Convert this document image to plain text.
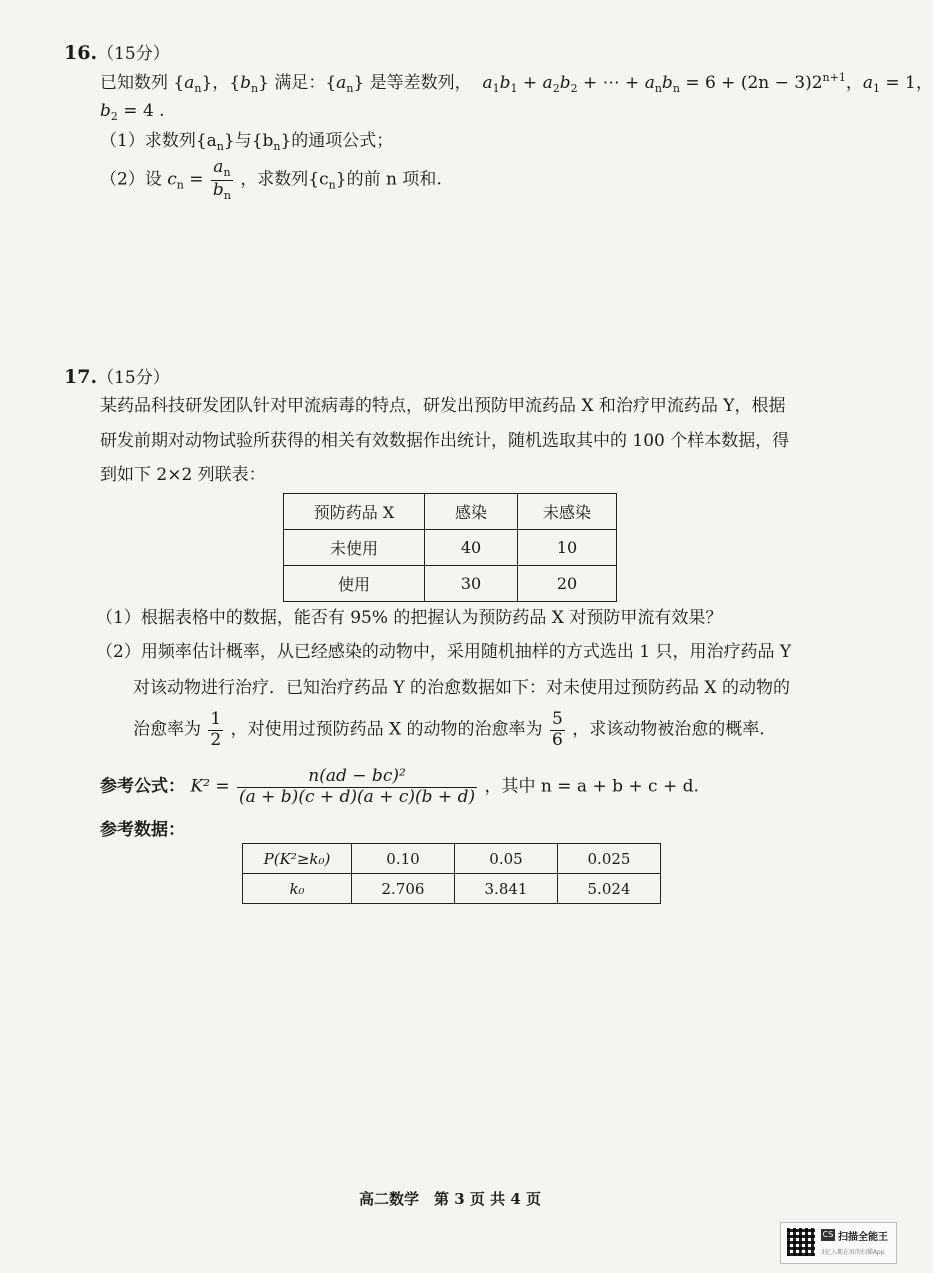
16.（15分）
已知数列 $\{a_n\}$，$\{b_n\}$ 满足：$\{a_n\}$ 是等差数列， $a_1b_1 + a_2b_2$ + ⋯ + $a_nb_n = 6 + (2n - 3)2^{n+1}$，$a_1 = 1$，
$b_2 = 4$ .
（1）求数列$\{a_n\}$与$\{b_n\}$的通项公式；
（2）设 $c_n = \frac{a_n}{b_n}$ ，求数列$\{c_n\}$的前 n 项和.
17.（15分）
某药品科技研发团队针对甲流病毒的特点，研发出预防甲流药品 X 和治疗甲流药品 Y，根据
研发前期对动物试验所获得的相关有效数据作出统计，随机选取其中的 100 个样本数据，得
到如下 2×2 列联表：
预防药品 X	感染	未感染
未使用	40	10
使用	30	20
（1）根据表格中的数据，能否有 95% 的把握认为预防药品 X 对预防甲流有效果？
（2）用频率估计概率，从已经感染的动物中，采用随机抽样的方式选出 1 只，用治疗药品 Y
对该动物进行治疗．已知治疗药品 Y 的治愈数据如下：对未使用过预防药品 X 的动物的
治愈率为 $\frac{1}{2}$ ，对使用过预防药品 X 的动物的治愈率为 $\frac{5}{6}$ ，求该动物被治愈的概率.
参考公式： $K^2 = \frac{\text{n(ad − bc)²}}{(a + b)(c + d)(a + c)(b + d)}$ ，其中 n = a + b + c + d.
参考数据：
P(K²≥k₀)	0.10	0.05	0.025
k₀	2.706	3.841	5.024
高二数学　第 3 页 共 4 页
CS 扫描全能王
3亿人都在用的扫描App
